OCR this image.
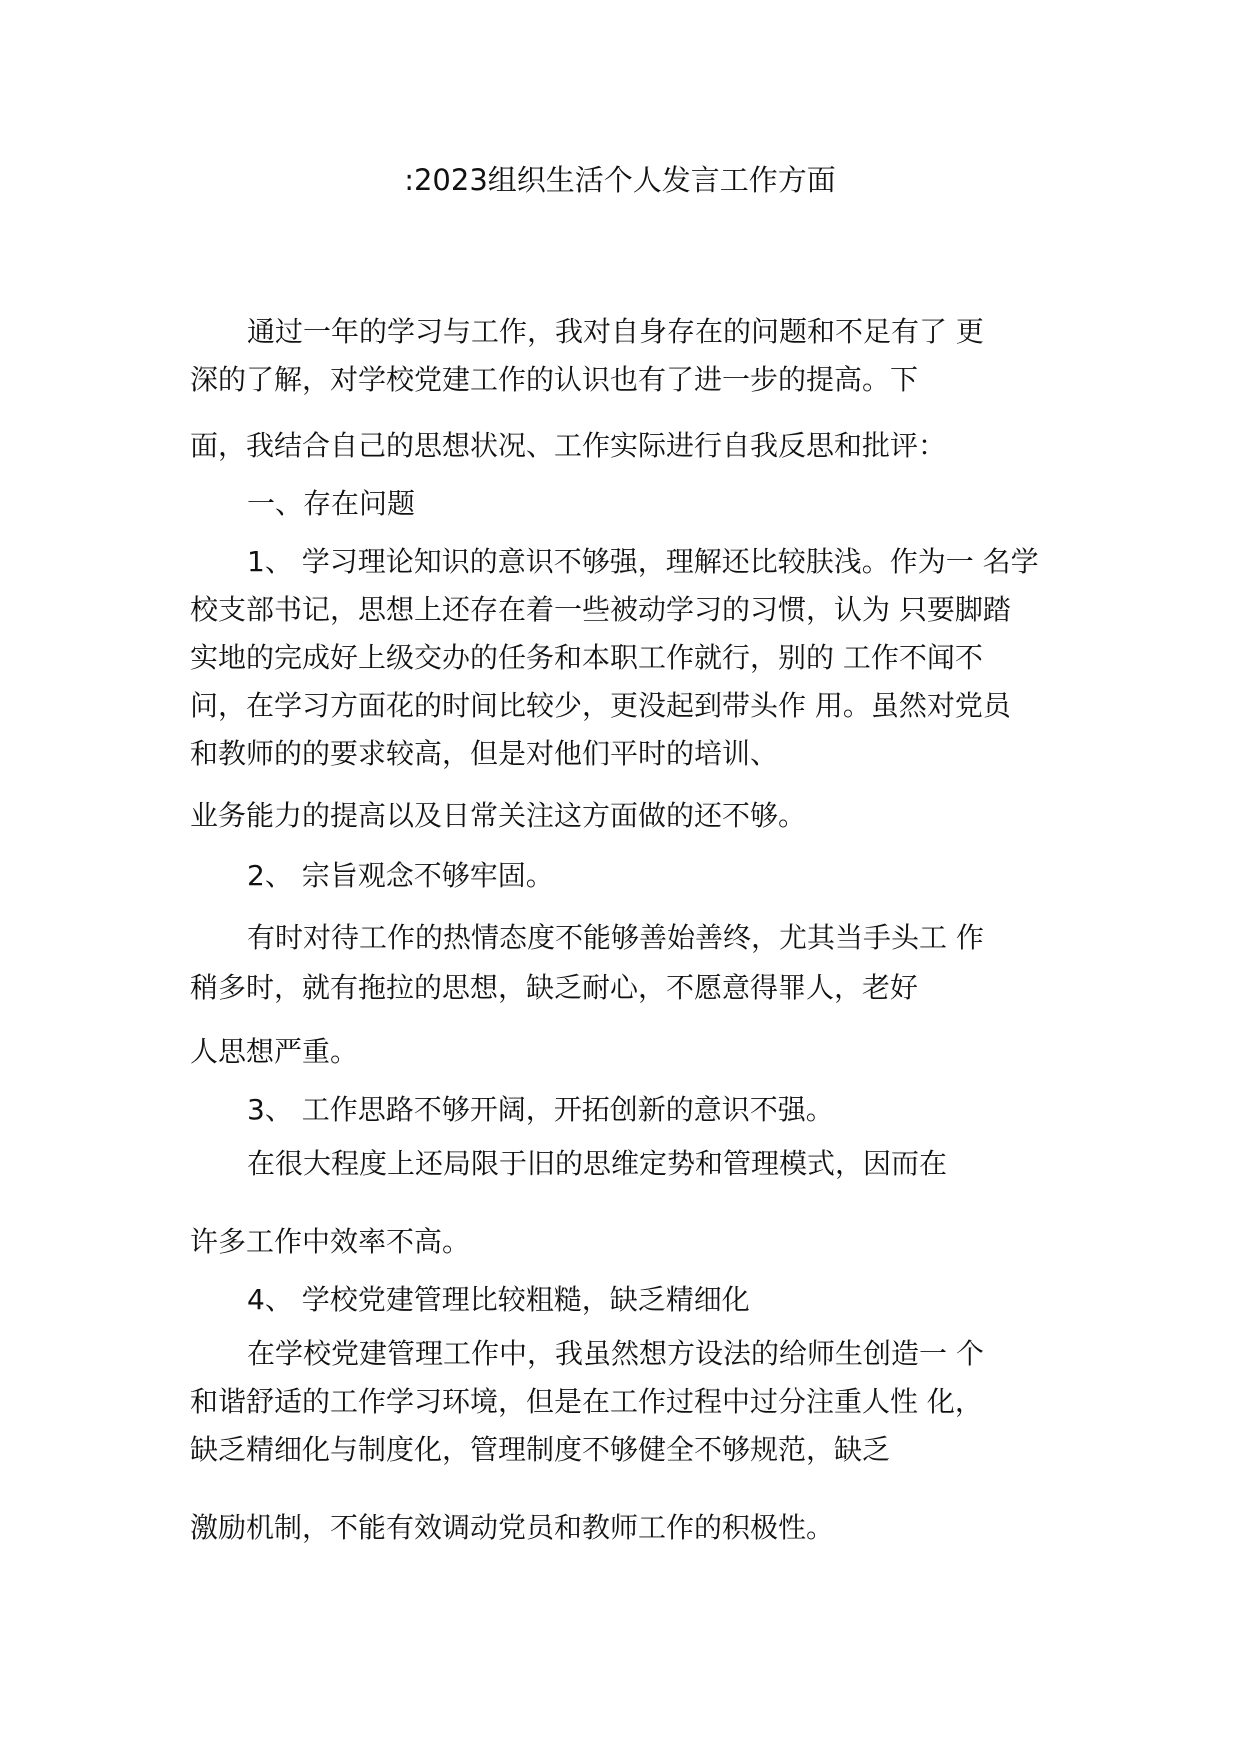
:2023组织生活个人发言工作方面
通过一年的学习与工作，我对自身存在的问题和不足有了 更
深的了解，对学校党建工作的认识也有了进一步的提高。下
面，我结合自己的思想状况、工作实际进行自我反思和批评：
一、存在问题
1、 学习理论知识的意识不够强，理解还比较肤浅。作为一 名学
校支部书记，思想上还存在着一些被动学习的习惯，认为 只要脚踏
实地的完成好上级交办的任务和本职工作就行，别的 工作不闻不
问，在学习方面花的时间比较少，更没起到带头作 用。虽然对党员
和教师的的要求较高，但是对他们平时的培训、
业务能力的提高以及日常关注这方面做的还不够。
2、 宗旨观念不够牢固。
有时对待工作的热情态度不能够善始善终，尤其当手头工 作
稍多时，就有拖拉的思想，缺乏耐心，不愿意得罪人，老好
人思想严重。
3、 工作思路不够开阔，开拓创新的意识不强。
在很大程度上还局限于旧的思维定势和管理模式，因而在
许多工作中效率不高。
4、 学校党建管理比较粗糙，缺乏精细化
在学校党建管理工作中，我虽然想方设法的给师生创造一 个
和谐舒适的工作学习环境，但是在工作过程中过分注重人性 化，
缺乏精细化与制度化，管理制度不够健全不够规范，缺乏
激励机制，不能有效调动党员和教师工作的积极性。
